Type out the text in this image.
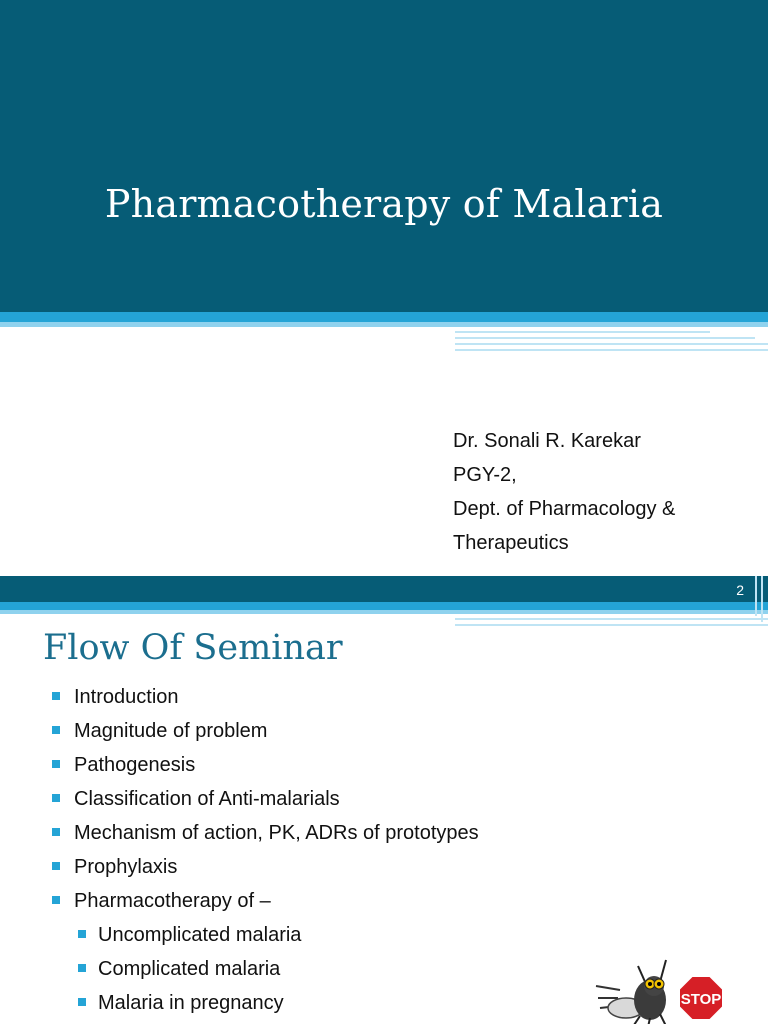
Pharmacotherapy of Malaria
Dr. Sonali R. Karekar
PGY-2,
Dept. of Pharmacology &
Therapeutics
2
Flow Of Seminar
Introduction
Magnitude of problem
Pathogenesis
Classification of Anti-malarials
Mechanism of action, PK, ADRs of prototypes
Prophylaxis
Pharmacotherapy of –
Uncomplicated malaria
Complicated malaria
Malaria in pregnancy	STOP
